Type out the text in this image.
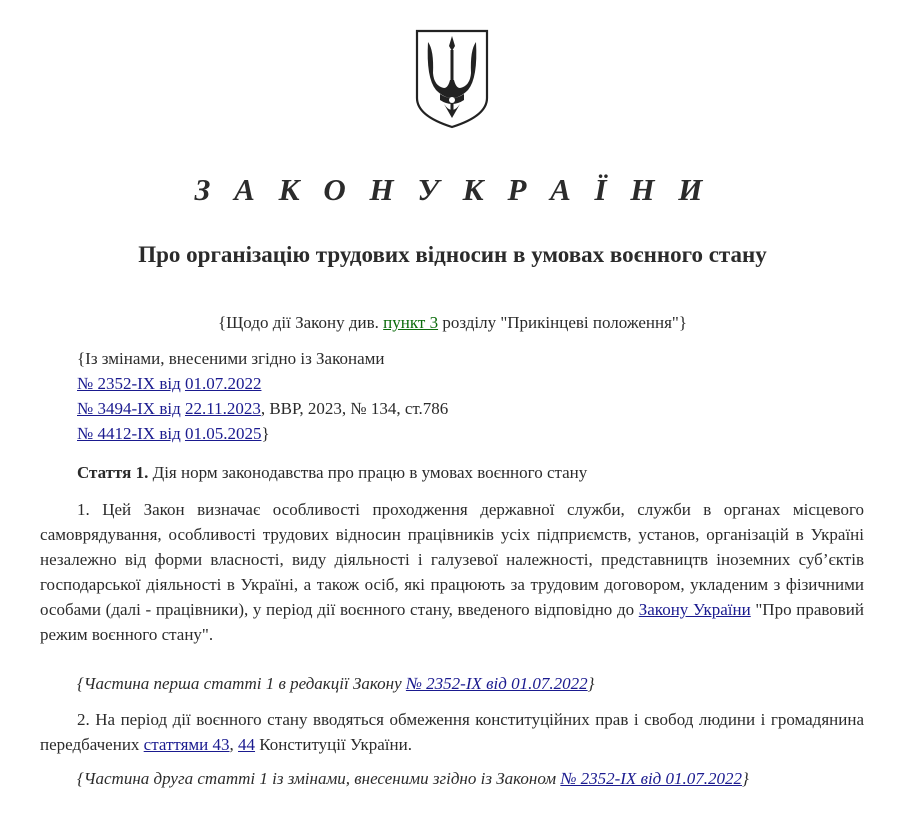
З А К О Н У К Р А Ї Н И
Про організацію трудових відносин в умовах воєнного стану
{Щодо дії Закону див. пункт 3 розділу "Прикінцеві положення"}
{Із змінами, внесеними згідно із Законами
№ 2352-IX від 01.07.2022
№ 3494-IX від 22.11.2023, ВВР, 2023, № 134, ст.786
№ 4412-IX від 01.05.2025}
Стаття 1. Дія норм законодавства про працю в умовах воєнного стану
1. Цей Закон визначає особливості проходження державної служби, служби в органах місцевого самоврядування, особливості трудових відносин працівників усіх підприємств, установ, організацій в Україні незалежно від форми власності, виду діяльності і галузевої належності, представництв іноземних суб’єктів господарської діяльності в Україні, а також осіб, які працюють за трудовим договором, укладеним з фізичними особами (далі - працівники), у період дії воєнного стану, введеного відповідно до Закону України "Про правовий режим воєнного стану".
{Частина перша статті 1 в редакції Закону № 2352-IX від 01.07.2022}
2. На період дії воєнного стану вводяться обмеження конституційних прав і свобод людини і громадянина передбачених статтями 43, 44 Конституції України.
{Частина друга статті 1 із змінами, внесеними згідно із Законом № 2352-IX від 01.07.2022}
